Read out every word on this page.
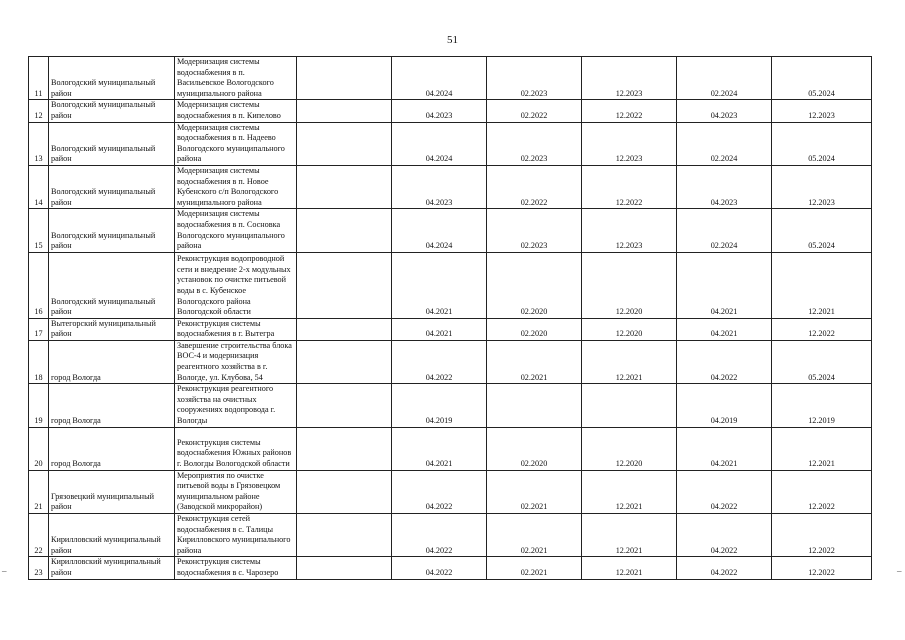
51
11	Вологодский муниципальный район	Модернизация системы водоснабжения в п. Васильевское Вологодского муниципального района		04.2024	02.2023	12.2023	02.2024	05.2024
12	Вологодский муниципальный район	Модернизация системы водоснабжения в п. Кипелово		04.2023	02.2022	12.2022	04.2023	12.2023
13	Вологодский муниципальный район	Модернизация системы водоснабжения в п. Надеево Вологодского муниципального района		04.2024	02.2023	12.2023	02.2024	05.2024
14	Вологодский муниципальный район	Модернизация системы водоснабжения в п. Новое Кубенского с/п Вологодского муниципального района		04.2023	02.2022	12.2022	04.2023	12.2023
15	Вологодский муниципальный район	Модернизация системы водоснабжения в п. Сосновка Вологодского муниципального района		04.2024	02.2023	12.2023	02.2024	05.2024
16	Вологодский муниципальный район	Реконструкция водопроводной сети и внедрение 2-х модульных установок по очистке питьевой воды в с. Кубенское Вологодского района Вологодской области		04.2021	02.2020	12.2020	04.2021	12.2021
17	Вытегорский муниципальный район	Реконструкция системы водоснабжения в г. Вытегра		04.2021	02.2020	12.2020	04.2021	12.2022
18	город Вологда	Завершение строительства блока ВОС-4 и модернизация реагентного хозяйства в г. Вологде, ул. Клубова, 54		04.2022	02.2021	12.2021	04.2022	05.2024
19	город Вологда	Реконструкция реагентного хозяйства на очистных сооружениях водопровода г. Вологды		04.2019			04.2019	12.2019
20	город Вологда	Реконструкция системы водоснабжения Южных районов г. Вологды Вологодской области		04.2021	02.2020	12.2020	04.2021	12.2021
21	Грязовецкий муниципальный район	Мероприятия по очистке питьевой воды в Грязовецком муниципальном районе (Заводской микрорайон)		04.2022	02.2021	12.2021	04.2022	12.2022
22	Кирилловский муниципальный район	Реконструкция сетей водоснабжения в с. Талицы Кирилловского муниципального района		04.2022	02.2021	12.2021	04.2022	12.2022
23	Кирилловский муниципальный район	Реконструкция системы водоснабжения в с. Чарозеро		04.2022	02.2021	12.2021	04.2022	12.2022
–	–
